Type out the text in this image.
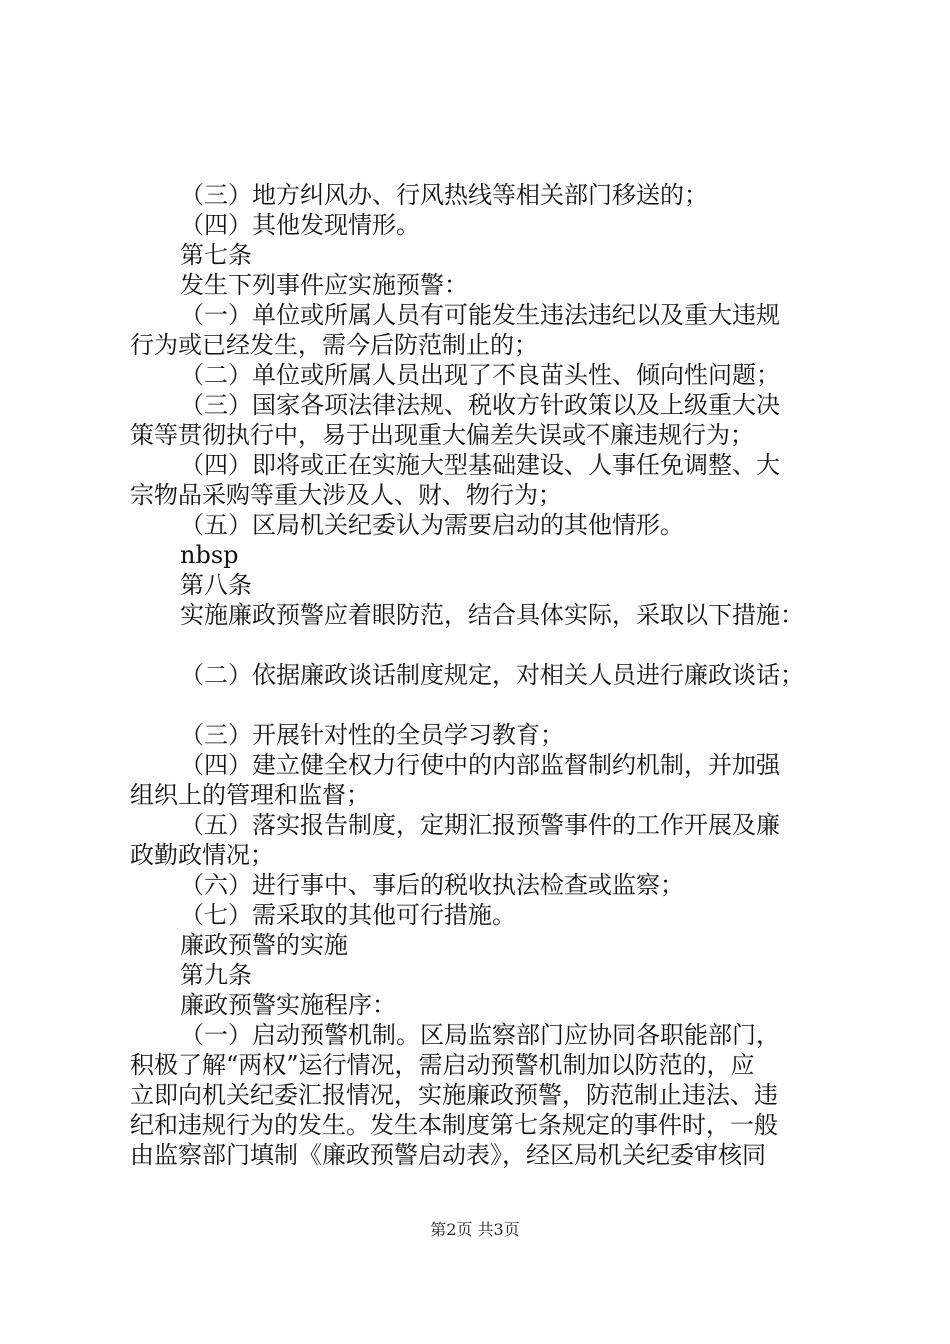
（三）地方纠风办、行风热线等相关部门移送的；
（四）其他发现情形。
第七条
发生下列事件应实施预警：
（一）单位或所属人员有可能发生违法违纪以及重大违规
行为或已经发生，需今后防范制止的；
（二）单位或所属人员出现了不良苗头性、倾向性问题；
（三）国家各项法律法规、税收方针政策以及上级重大决
策等贯彻执行中，易于出现重大偏差失误或不廉违规行为；
（四）即将或正在实施大型基础建设、人事任免调整、大
宗物品采购等重大涉及人、财、物行为；
（五）区局机关纪委认为需要启动的其他情形。
nbsp
第八条
实施廉政预警应着眼防范，结合具体实际，采取以下措施：
（二）依据廉政谈话制度规定，对相关人员进行廉政谈话；
（三）开展针对性的全员学习教育；
（四）建立健全权力行使中的内部监督制约机制，并加强
组织上的管理和监督；
（五）落实报告制度，定期汇报预警事件的工作开展及廉
政勤政情况；
（六）进行事中、事后的税收执法检查或监察；
（七）需采取的其他可行措施。
廉政预警的实施
第九条
廉政预警实施程序：
（一）启动预警机制。区局监察部门应协同各职能部门，
积极了解“两权”运行情况，需启动预警机制加以防范的，应
立即向机关纪委汇报情况，实施廉政预警，防范制止违法、违
纪和违规行为的发生。发生本制度第七条规定的事件时，一般
由监察部门填制《廉政预警启动表》，经区局机关纪委审核同
第2页 共3页
